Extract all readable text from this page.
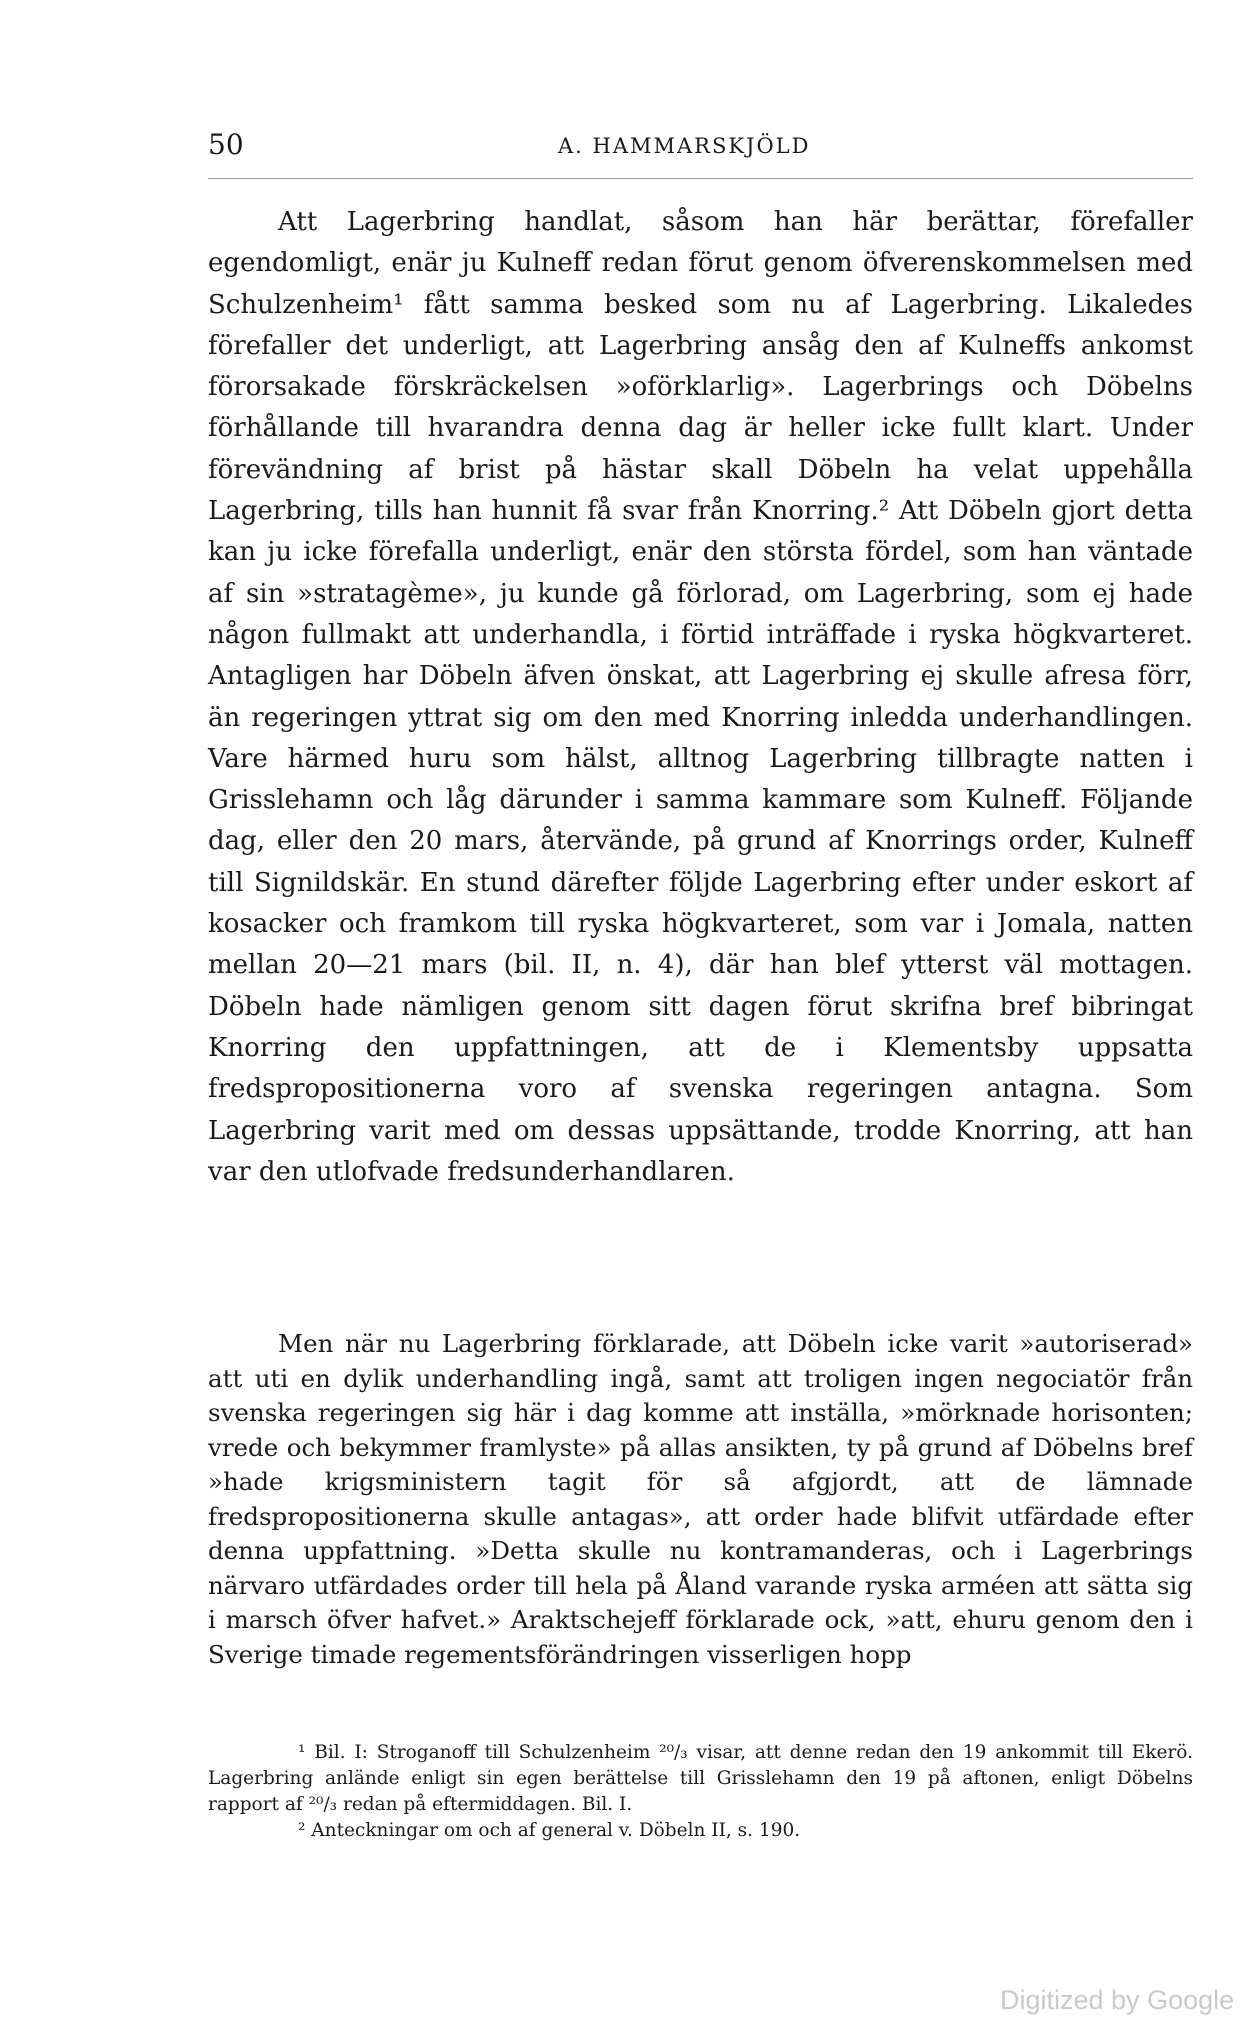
50	A. HAMMARSKJÖLD

Att Lagerbring handlat, såsom han här berättar, förefaller egendomligt, enär ju Kulneff redan förut genom öfverenskommelsen med Schulzenheim¹ fått samma besked som nu af Lagerbring. Likaledes förefaller det underligt, att Lagerbring ansåg den af Kulneffs ankomst förorsakade förskräckelsen »oförklarlig». Lagerbrings och Döbelns förhållande till hvarandra denna dag är heller icke fullt klart. Under förevändning af brist på hästar skall Döbeln ha velat uppehålla Lagerbring, tills han hunnit få svar från Knorring.² Att Döbeln gjort detta kan ju icke förefalla underligt, enär den största fördel, som han väntade af sin »stratagème», ju kunde gå förlorad, om Lagerbring, som ej hade någon fullmakt att underhandla, i förtid inträffade i ryska högkvarteret. Antagligen har Döbeln äfven önskat, att Lagerbring ej skulle afresa förr, än regeringen yttrat sig om den med Knorring inledda underhandlingen. Vare härmed huru som hälst, alltnog Lagerbring tillbragte natten i Grisslehamn och låg därunder i samma kammare som Kulneff. Följande dag, eller den 20 mars, återvände, på grund af Knorrings order, Kulneff till Signildskär. En stund därefter följde Lagerbring efter under eskort af kosacker och framkom till ryska högkvarteret, som var i Jomala, natten mellan 20—21 mars (bil. II, n. 4), där han blef ytterst väl mottagen. Döbeln hade nämligen genom sitt dagen förut skrifna bref bibringat Knorring den uppfattningen, att de i Klementsby uppsatta fredspropositionerna voro af svenska regeringen antagna. Som Lagerbring varit med om dessas uppsättande, trodde Knorring, att han var den utlofvade fredsunderhandlaren.

Men när nu Lagerbring förklarade, att Döbeln icke varit »autoriserad» att uti en dylik underhandling ingå, samt att troligen ingen negociatör från svenska regeringen sig här i dag komme att inställa, »mörknade horisonten; vrede och bekymmer framlyste» på allas ansikten, ty på grund af Döbelns bref »hade krigsministern tagit för så afgjordt, att de lämnade fredspropositionerna skulle antagas», att order hade blifvit utfärdade efter denna uppfattning. »Detta skulle nu kontramanderas, och i Lagerbrings närvaro utfärdades order till hela på Åland varande ryska arméen att sätta sig i marsch öfver hafvet.» Araktschejeff förklarade ock, »att, ehuru genom den i Sverige timade regementsförändringen visserligen hopp

¹ Bil. I: Stroganoff till Schulzenheim ²⁰/₃ visar, att denne redan den 19 ankommit till Ekerö. Lagerbring anlände enligt sin egen berättelse till Grisslehamn den 19 på aftonen, enligt Döbelns rapport af ²⁰/₃ redan på eftermiddagen. Bil. I.

² Anteckningar om och af general v. Döbeln II, s. 190.

Digitized by Google
